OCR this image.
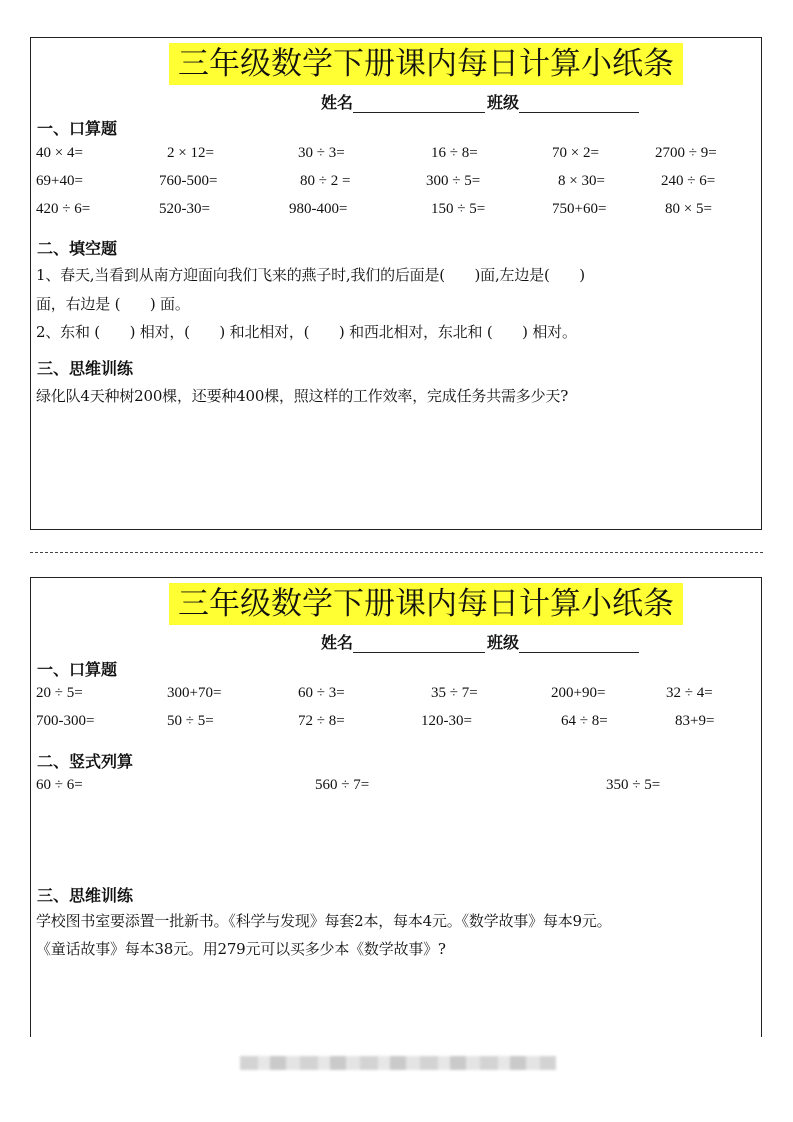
三年级数学下册课内每日计算小纸条
姓名	班级
一、口算题
40 × 4=	2 × 12=	30 ÷ 3=	16 ÷ 8=	70 × 2=	2700 ÷ 9=
69+40=	760-500=	80 ÷ 2 =	300 ÷ 5=	8 × 30=	240 ÷ 6=
420 ÷ 6=	520-30=	980-400=	150 ÷ 5=	750+60=	80 × 5=
二、填空题
1、春天,当看到从南方迎面向我们飞来的燕子时,我们的后面是(　　)面,左边是(　　)
面，右边是 (　　) 面。
2、东和 (　　) 相对，(　　) 和北相对，(　　) 和西北相对，东北和 (　　) 相对。
三、思维训练
绿化队4天种树200棵，还要种400棵，照这样的工作效率，完成任务共需多少天?
三年级数学下册课内每日计算小纸条
姓名	班级
一、口算题
20 ÷ 5=	300+70=	60 ÷ 3=	35 ÷ 7=	200+90=	32 ÷ 4=
700-300=	50 ÷ 5=	72 ÷ 8=	120-30=	64 ÷ 8=	83+9=
二、竖式列算
60 ÷ 6=	560 ÷ 7=	350 ÷ 5=
三、思维训练
学校图书室要添置一批新书。《科学与发现》每套2本，每本4元。《数学故事》每本9元。
《童话故事》每本38元。用279元可以买多少本《数学故事》?
